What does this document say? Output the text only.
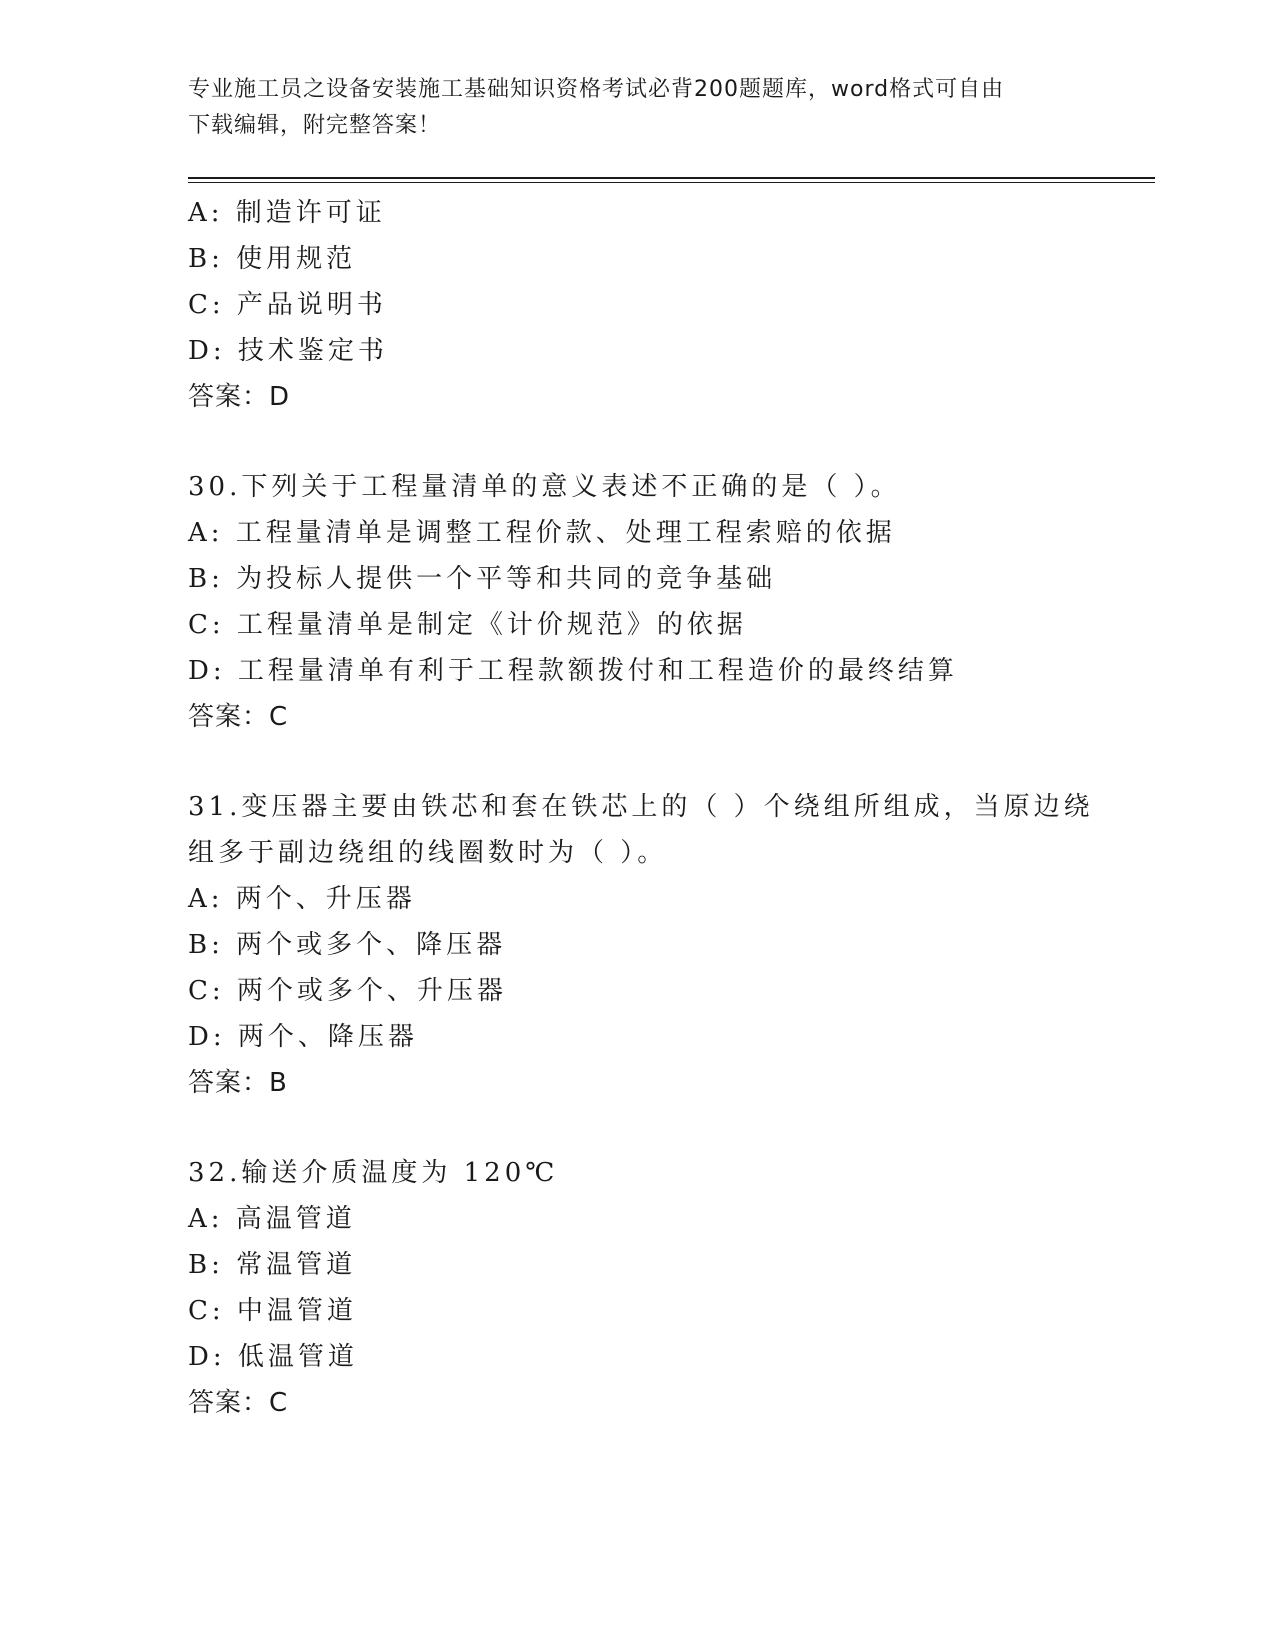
专业施工员之设备安装施工基础知识资格考试必背200题题库，word格式可自由
下载编辑，附完整答案！
A: 制造许可证
B: 使用规范
C: 产品说明书
D: 技术鉴定书
答案：D
30.下列关于工程量清单的意义表述不正确的是（ ）。
A: 工程量清单是调整工程价款、处理工程索赔的依据
B: 为投标人提供一个平等和共同的竞争基础
C: 工程量清单是制定《计价规范》的依据
D: 工程量清单有利于工程款额拨付和工程造价的最终结算
答案：C
31.变压器主要由铁芯和套在铁芯上的（ ）个绕组所组成，当原边绕
组多于副边绕组的线圈数时为（ ）。
A: 两个、升压器
B: 两个或多个、降压器
C: 两个或多个、升压器
D: 两个、降压器
答案：B
32.输送介质温度为 120℃
A: 高温管道
B: 常温管道
C: 中温管道
D: 低温管道
答案：C
